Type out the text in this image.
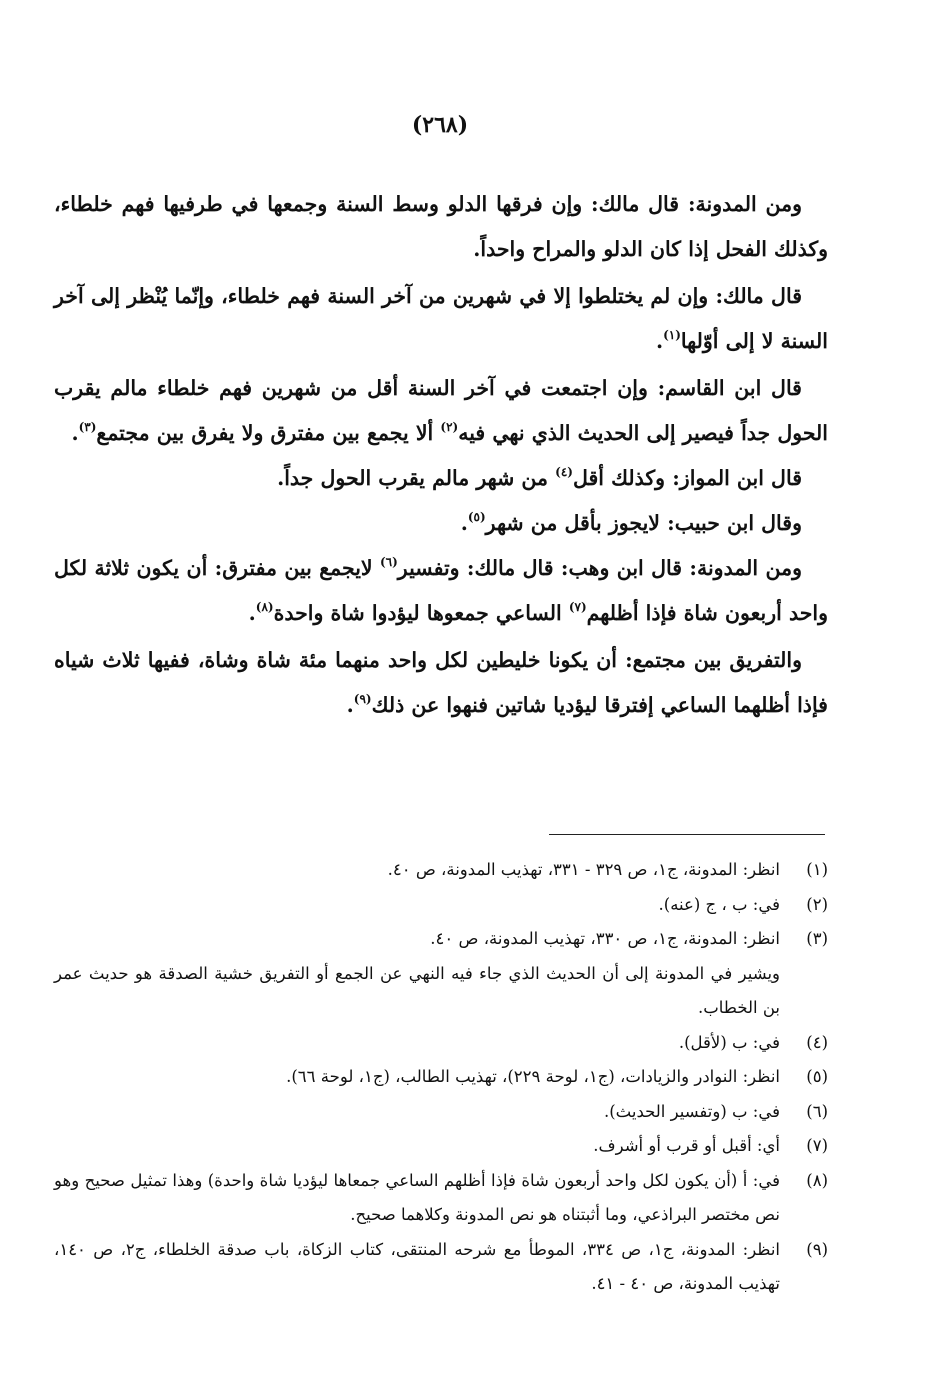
(٢٦٨)

ومن المدونة: قال مالك: وإن فرقها الدلو وسط السنة وجمعها في طرفيها فهم خلطاء، وكذلك الفحل إذا كان الدلو والمراح واحداً.

قال مالك: وإن لم يختلطوا إلا في شهرين من آخر السنة فهم خلطاء، وإنّما يُنْظر إلى آخر السنة لا إلى أوّلها$^{(١)}$.

قال ابن القاسم: وإن اجتمعت في آخر السنة أقل من شهرين فهم خلطاء مالم يقرب الحول جداً فيصير إلى الحديث الذي نهي فيه$^{(٢)}$ ألا يجمع بين مفترق ولا يفرق بين مجتمع$^{(٣)}$.

قال ابن المواز: وكذلك أقل$^{(٤)}$ من شهر مالم يقرب الحول جداً.

وقال ابن حبيب: لايجوز بأقل من شهر$^{(٥)}$.

ومن المدونة: قال ابن وهب: قال مالك: وتفسير$^{(٦)}$ لايجمع بين مفترق: أن يكون ثلاثة لكل واحد أربعون شاة فإذا أظلهم$^{(٧)}$ الساعي جمعوها ليؤدوا شاة واحدة$^{(٨)}$.

والتفريق بين مجتمع: أن يكونا خليطين لكل واحد منهما مئة شاة وشاة، ففيها ثلاث شياه فإذا أظلهما الساعي إفترقا ليؤديا شاتين فنهوا عن ذلك$^{(٩)}$.

(١)
انظر: المدونة، ج١، ص ٣٢٩ - ٣٣١، تهذيب المدونة، ص ٤٠.
(٢)
في: ب ، ج (عنه).
(٣)
انظر: المدونة، ج١، ص ٣٣٠، تهذيب المدونة، ص ٤٠.
ويشير في المدونة إلى أن الحديث الذي جاء فيه النهي عن الجمع أو التفريق خشية الصدقة هو حديث عمر بن الخطاب.
(٤)
في: ب (لأقل).
(٥)
انظر: النوادر والزيادات، (ج١، لوحة ٢٢٩)، تهذيب الطالب، (ج١، لوحة ٦٦).
(٦)
في: ب (وتفسير الحديث).
(٧)
أي: أقبل أو قرب أو أشرف.
(٨)
في: أ (أن يكون لكل واحد أربعون شاة فإذا أظلهم الساعي جمعاها ليؤديا شاة واحدة) وهذا تمثيل صحيح وهو نص مختصر البراذعي، وما أثبتناه هو نص المدونة وكلاهما صحيح.
(٩)
انظر: المدونة، ج١، ص ٣٣٤، الموطأ مع شرحه المنتقى، كتاب الزكاة، باب صدقة الخلطاء، ج٢، ص ١٤٠، تهذيب المدونة، ص ٤٠ - ٤١.
